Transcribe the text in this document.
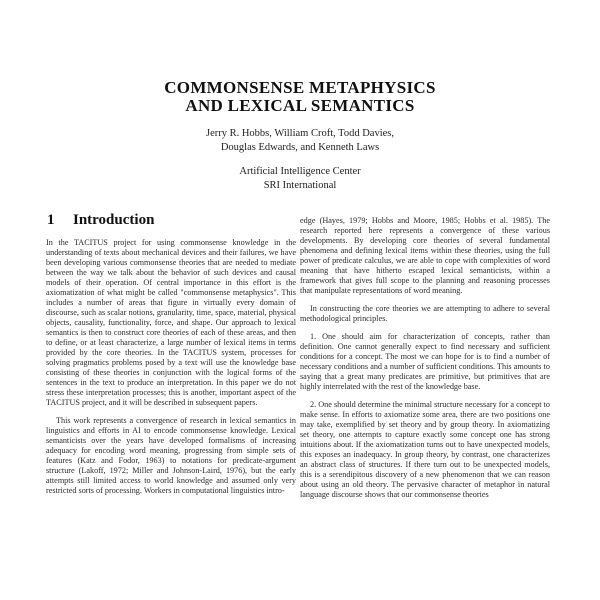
COMMONSENSE METAPHYSICS
AND LEXICAL SEMANTICS
Jerry R. Hobbs, William Croft, Todd Davies,
Douglas Edwards, and Kenneth Laws
Artificial Intelligence Center
SRI International
1 Introduction

In the TACITUS project for using commonsense knowledge in the understanding of texts about mechanical devices and their failures, we have been developing various commonsense theories that are needed to mediate between the way we talk about the behavior of such devices and causal models of their operation. Of central importance in this effort is the axiomatization of what might be called "commonsense metaphysics". This includes a number of areas that figure in virtually every domain of discourse, such as scalar notions, granularity, time, space, material, physical objects, causality, functionality, force, and shape. Our approach to lexical semantics is then to construct core theories of each of these areas, and then to define, or at least characterize, a large number of lexical items in terms provided by the core theories. In the TACITUS system, processes for solving pragmatics problems posed by a text will use the knowledge base consisting of these theories in conjunction with the logical forms of the sentences in the text to produce an interpretation. In this paper we do not stress these interpretation processes; this is another, important aspect of the TACITUS project, and it will be described in subsequent papers.

This work represents a convergence of research in lexical semantics in linguistics and efforts in AI to encode commonsense knowledge. Lexical semanticists over the years have developed formalisms of increasing adequacy for encoding word meaning, progressing from simple sets of features (Katz and Fodor, 1963) to notations for predicate-argument structure (Lakoff, 1972; Miller and Johnson-Laird, 1976), but the early attempts still limited access to world knowledge and assumed only very restricted sorts of processing. Workers in computational linguistics intro-

edge (Hayes, 1979; Hobbs and Moore, 1985; Hobbs et al. 1985). The research reported here represents a convergence of these various developments. By developing core theories of several fundamental phenomena and defining lexical items within these theories, using the full power of predicate calculus, we are able to cope with complexities of word meaning that have hitherto escaped lexical semanticists, within a framework that gives full scope to the planning and reasoning processes that manipulate representations of word meaning.

In constructing the core theories we are attempting to adhere to several methodological principles.

1. One should aim for characterization of concepts, rather than definition. One cannot generally expect to find necessary and sufficient conditions for a concept. The most we can hope for is to find a number of necessary conditions and a number of sufficient conditions. This amounts to saying that a great many predicates are primitive, but primitives that are highly interrelated with the rest of the knowledge base.

2. One should determine the minimal structure necessary for a concept to make sense. In efforts to axiomatize some area, there are two positions one may take, exemplified by set theory and by group theory. In axiomatizing set theory, one attempts to capture exactly some concept one has strong intuitions about. If the axiomatization turns out to have unexpected models, this exposes an inadequacy. In group theory, by contrast, one characterizes an abstract class of structures. If there turn out to be unexpected models, this is a serendipitous discovery of a new phenomenon that we can reason about using an old theory. The pervasive character of metaphor in natural language discourse shows that our commonsense theories
